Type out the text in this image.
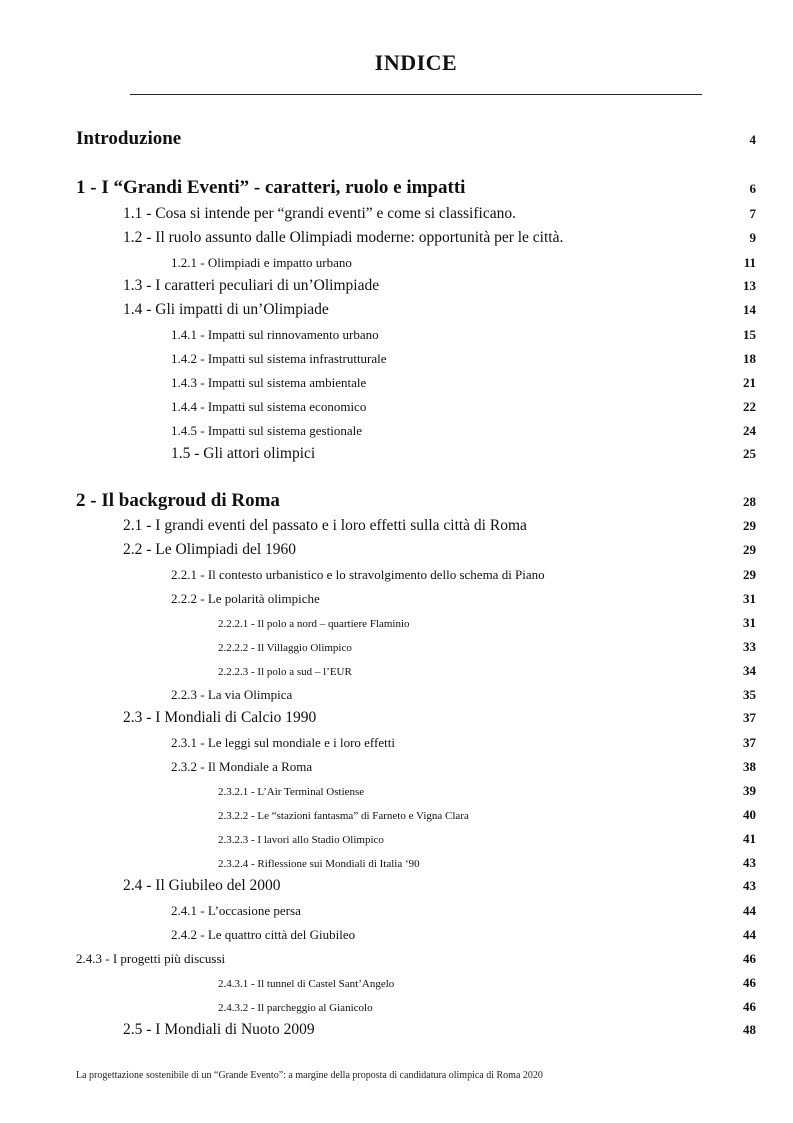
INDICE
Introduzione	4
1 - I “Grandi Eventi” - caratteri, ruolo e impatti	6
1.1 - Cosa si intende per “grandi eventi” e come si classificano.	7
1.2 - Il ruolo assunto dalle Olimpiadi moderne: opportunità per le città.	9
1.2.1 - Olimpiadi e impatto urbano	11
1.3 - I caratteri peculiari di un’Olimpiade	13
1.4 - Gli impatti di un’Olimpiade	14
1.4.1 - Impatti sul rinnovamento urbano	15
1.4.2 - Impatti sul sistema infrastrutturale	18
1.4.3 - Impatti sul sistema ambientale	21
1.4.4 - Impatti sul sistema economico	22
1.4.5 - Impatti sul sistema gestionale	24
1.5 - Gli attori olimpici	25
2 - Il backgroud di Roma	28
2.1 - I grandi eventi del passato e i loro effetti sulla città di Roma	29
2.2 - Le Olimpiadi del 1960	29
2.2.1 - Il contesto urbanistico e lo stravolgimento dello schema di Piano	29
2.2.2 - Le polarità olimpiche	31
2.2.2.1 - Il polo a nord – quartiere Flaminio	31
2.2.2.2 - Il Villaggio Olimpico	33
2.2.2.3 - Il polo a sud – l’EUR	34
2.2.3 - La via Olimpica	35
2.3 - I Mondiali di Calcio 1990	37
2.3.1 - Le leggi sul mondiale e i loro effetti	37
2.3.2 - Il Mondiale a Roma	38
2.3.2.1 - L’Air Terminal Ostiense	39
2.3.2.2 - Le “stazioni fantasma” di Farneto e Vigna Clara	40
2.3.2.3 - I lavori allo Stadio Olimpico	41
2.3.2.4 - Riflessione sui Mondiali di Italia ‘90	43
2.4 - Il Giubileo del 2000	43
2.4.1 - L’occasione persa	44
2.4.2 - Le quattro città del Giubileo	44
2.4.3 - I progetti più discussi	46
2.4.3.1 - Il tunnel di Castel Sant’Angelo	46
2.4.3.2 - Il parcheggio al Gianicolo	46
2.5 - I Mondiali di Nuoto 2009	48
La progettazione sostenibile di un “Grande Evento”: a margine della proposta di candidatura olimpica di Roma 2020
